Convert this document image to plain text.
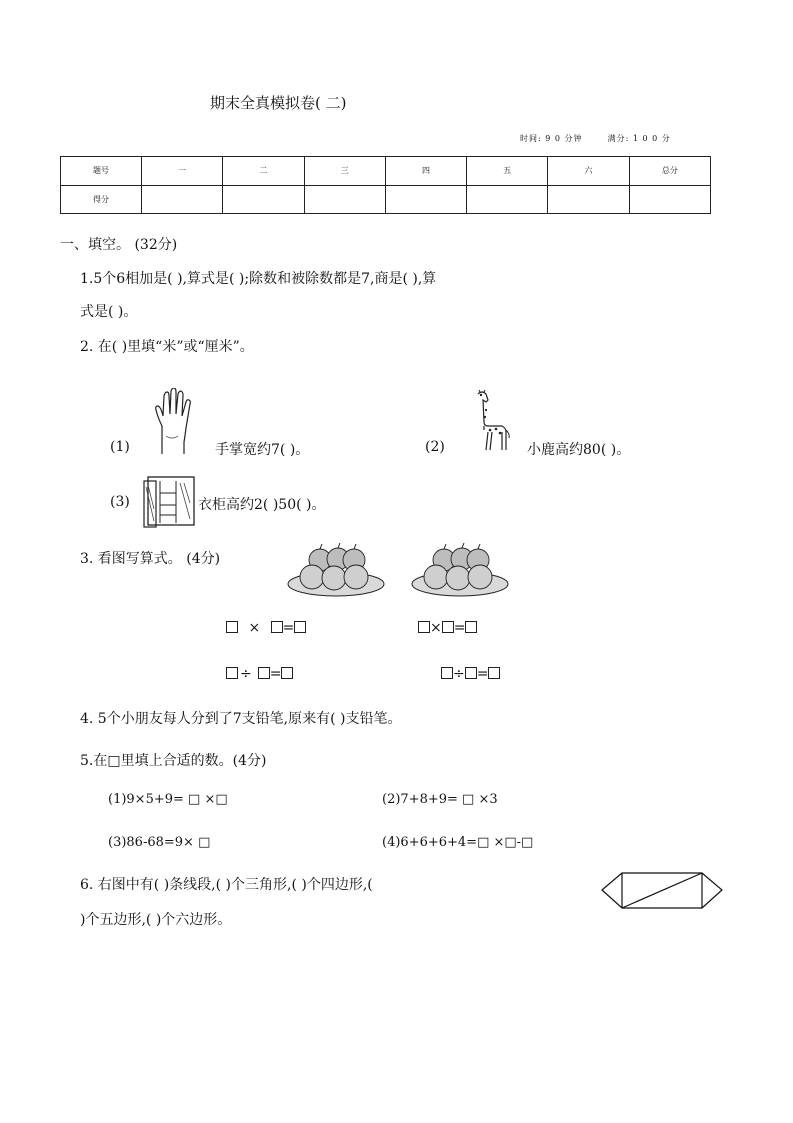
期末全真模拟卷( 二)
时间: 9 0 分钟	满分: 1 0 0 分
题号	一	二	三	四	五	六	总分
得分							
一、填空。 (32分)
1.5个6相加是( ),算式是( );除数和被除数都是7,商是( ),算
式是( )。
2. 在( )里填“米”或“厘米”。
(1)	手掌宽约7( )。	(2)	小鹿高约80( )。
(3)	衣柜高约2( )50( )。
3. 看图写算式。 (4分)
× =	× =
÷ =	÷ =
4. 5个小朋友每人分到了7支铅笔,原来有( )支铅笔。
5.在□里填上合适的数。(4分)
(1)9×5+9= □ ×□	(2)7+8+9= □ ×3
(3)86-68=9× □	(4)6+6+6+4=□ ×□-□
6. 右图中有( )条线段,( )个三角形,( )个四边形,(
)个五边形,( )个六边形。
